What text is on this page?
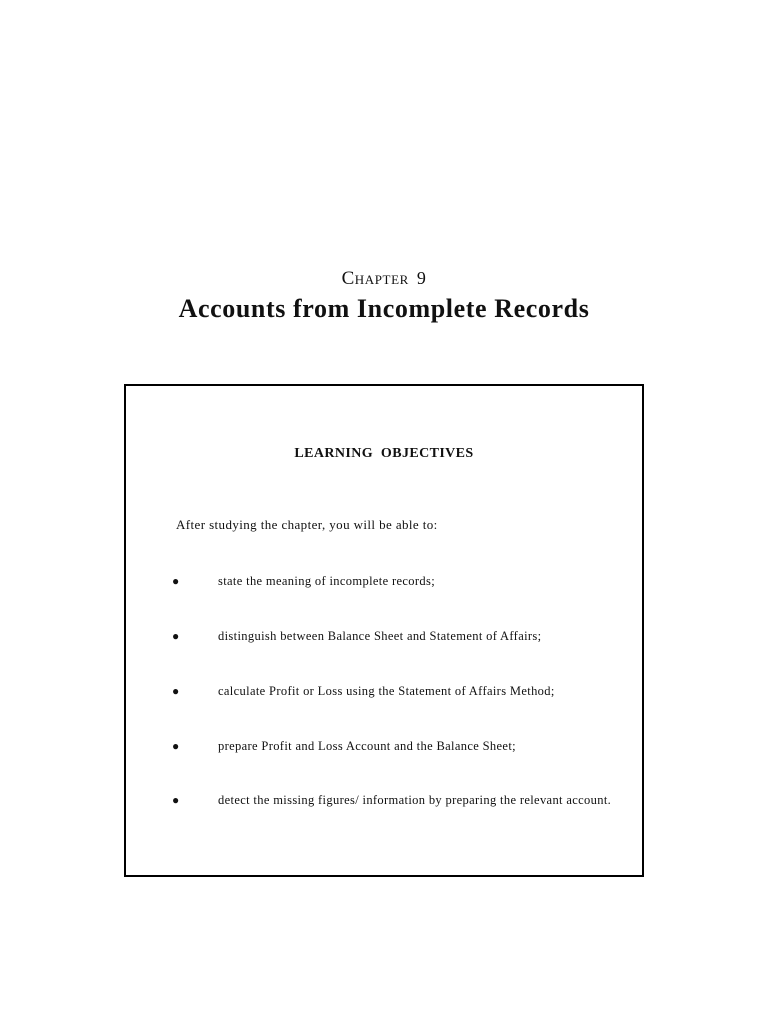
CHAPTER 9
Accounts from Incomplete Records
LEARNING OBJECTIVES

After studying the chapter, you will be able to:

●	state the meaning of incomplete records;
●	distinguish between Balance Sheet and Statement of Affairs;
●	calculate Profit or Loss using the Statement of Affairs Method;
●	prepare Profit and Loss Account and the Balance Sheet;
●	detect the missing figures/ information by preparing the relevant account.
